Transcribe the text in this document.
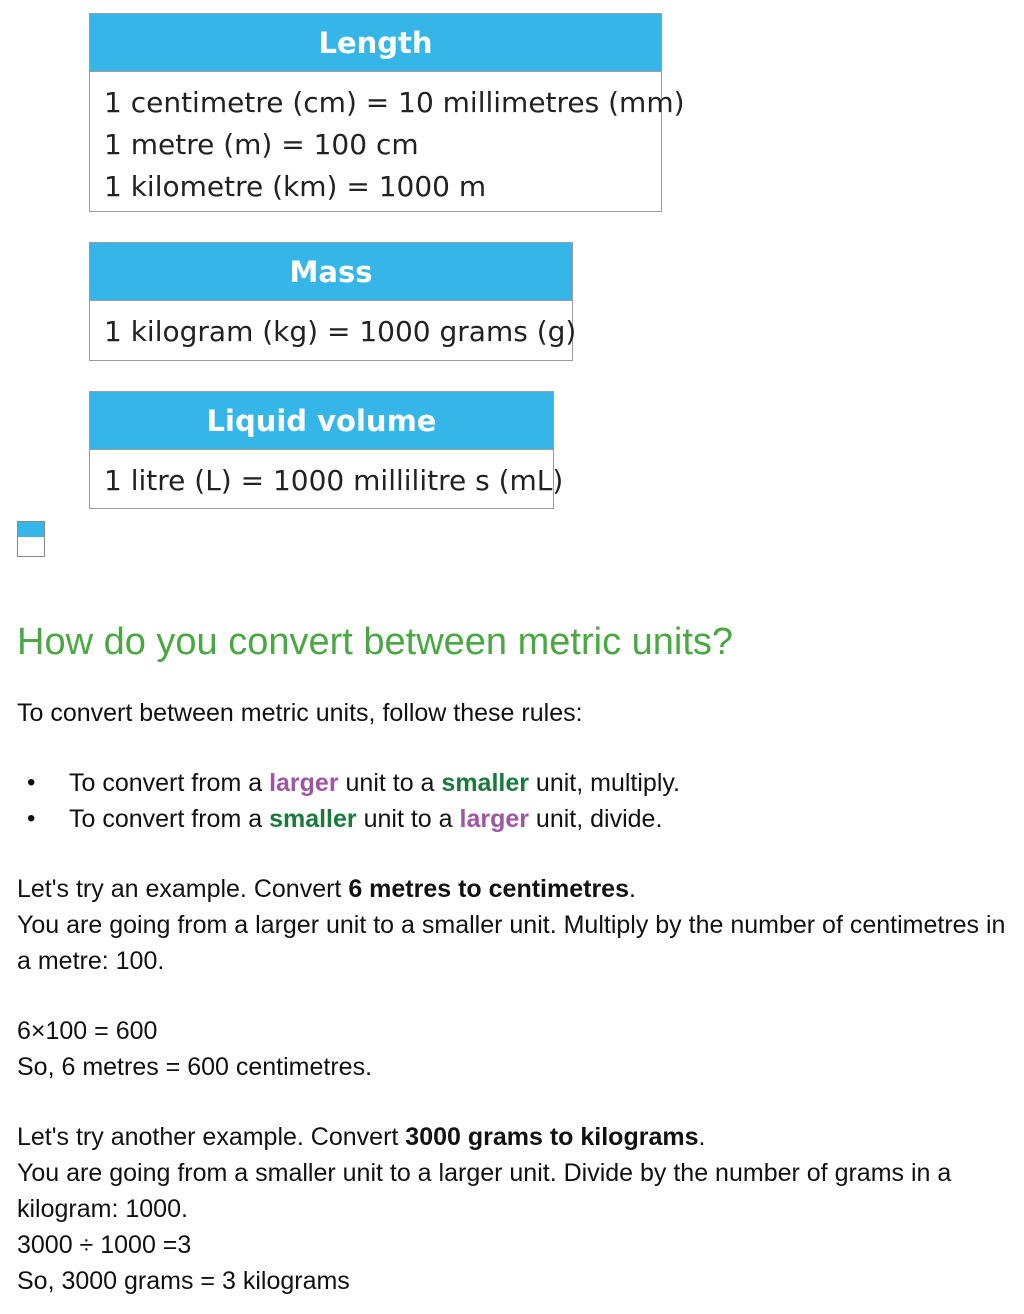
Length
1 centimetre (cm) = 10 millimetres (mm)
1 metre (m) = 100 cm
1 kilometre (km) = 1000 m
Mass
1 kilogram (kg) = 1000 grams (g)
Liquid volume
1 litre (L) = 1000 millilitre s (mL)
How do you convert between metric units?

To convert between metric units, follow these rules:

• To convert from a larger unit to a smaller unit, multiply.
• To convert from a smaller unit to a larger unit, divide.

Let's try an example. Convert 6 metres to centimetres.

You are going from a larger unit to a smaller unit. Multiply by the number of centimetres in a metre: 100.

6×100 = 600

So, 6 metres = 600 centimetres.

Let's try another example. Convert 3000 grams to kilograms.

You are going from a smaller unit to a larger unit. Divide by the number of grams in a kilogram: 1000.

3000 ÷ 1000 =3

So, 3000 grams = 3 kilograms
